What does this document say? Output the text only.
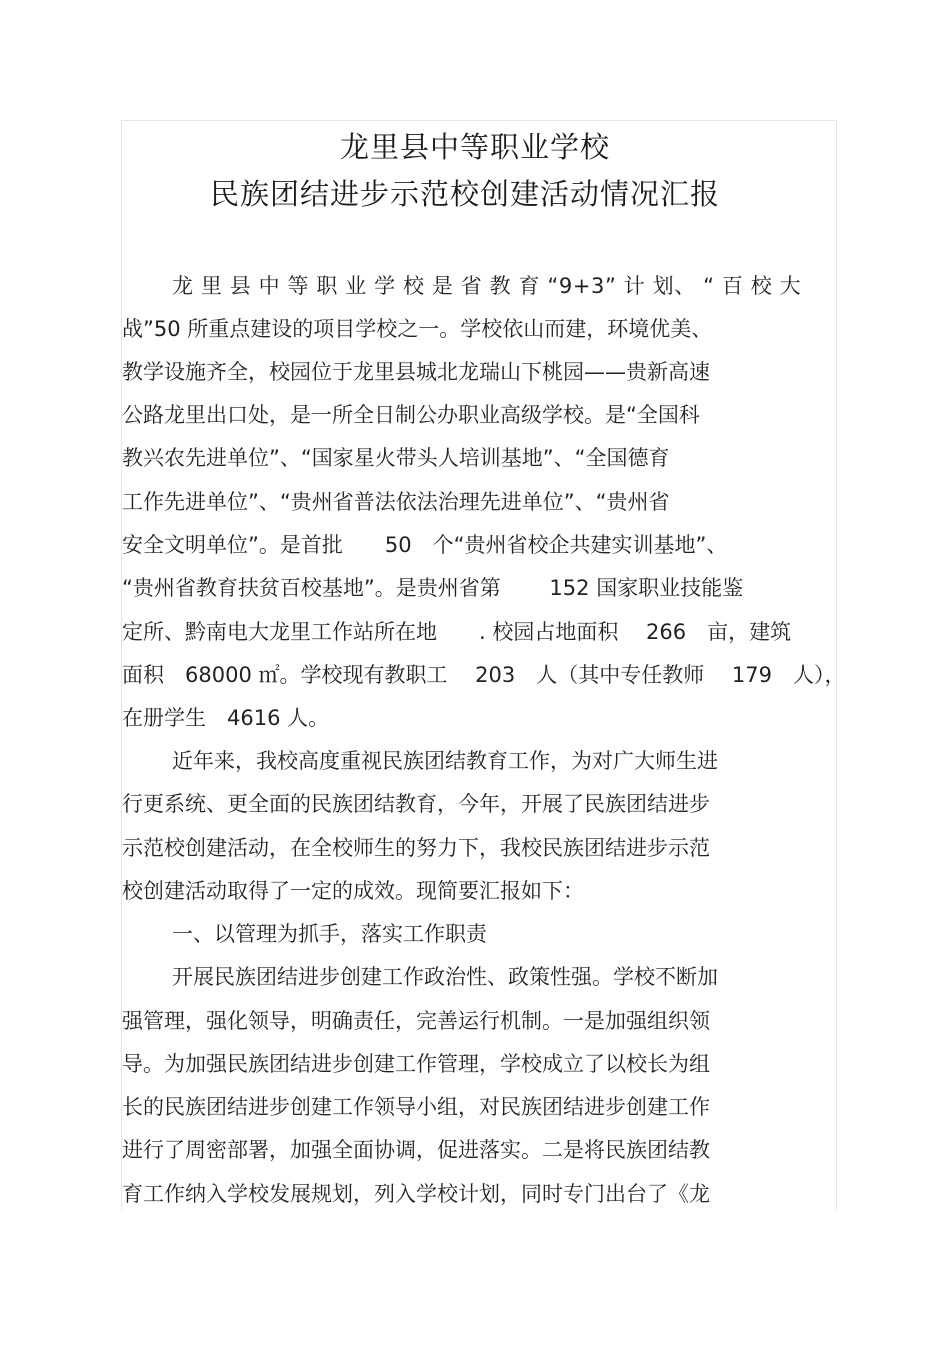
龙里县中等职业学校
民族团结进步示范校创建活动情况汇报
龙 里 县 中 等 职 业 学 校 是 省 教 育 “9+3” 计 划、 “ 百 校 大
战”50 所重点建设的项目学校之一。学校依山而建，环境优美、
教学设施齐全，校园位于龙里县城北龙瑞山下桃园——贵新高速
公路龙里出口处，是一所全日制公办职业高级学校。是“全国科
教兴农先进单位”、“国家星火带头人培训基地”、“全国德育
工作先进单位”、“贵州省普法依法治理先进单位”、“贵州省
安全文明单位”。是首批　　50　个“贵州省校企共建实训基地”、
“贵州省教育扶贫百校基地”。是贵州省第　　 152 国家职业技能鉴
定所、黔南电大龙里工作站所在地　　. 校园占地面积　 266　亩，建筑
面积　68000 ㎡。学校现有教职工　 203　人（其中专任教师　 179　人），
在册学生　4616 人。
近年来，我校高度重视民族团结教育工作，为对广大师生进
行更系统、更全面的民族团结教育，今年，开展了民族团结进步
示范校创建活动，在全校师生的努力下，我校民族团结进步示范
校创建活动取得了一定的成效。现简要汇报如下：
一、以管理为抓手，落实工作职责
开展民族团结进步创建工作政治性、政策性强。学校不断加
强管理，强化领导，明确责任，完善运行机制。一是加强组织领
导。为加强民族团结进步创建工作管理，学校成立了以校长为组
长的民族团结进步创建工作领导小组，对民族团结进步创建工作
进行了周密部署，加强全面协调，促进落实。二是将民族团结教
育工作纳入学校发展规划，列入学校计划，同时专门出台了《龙
